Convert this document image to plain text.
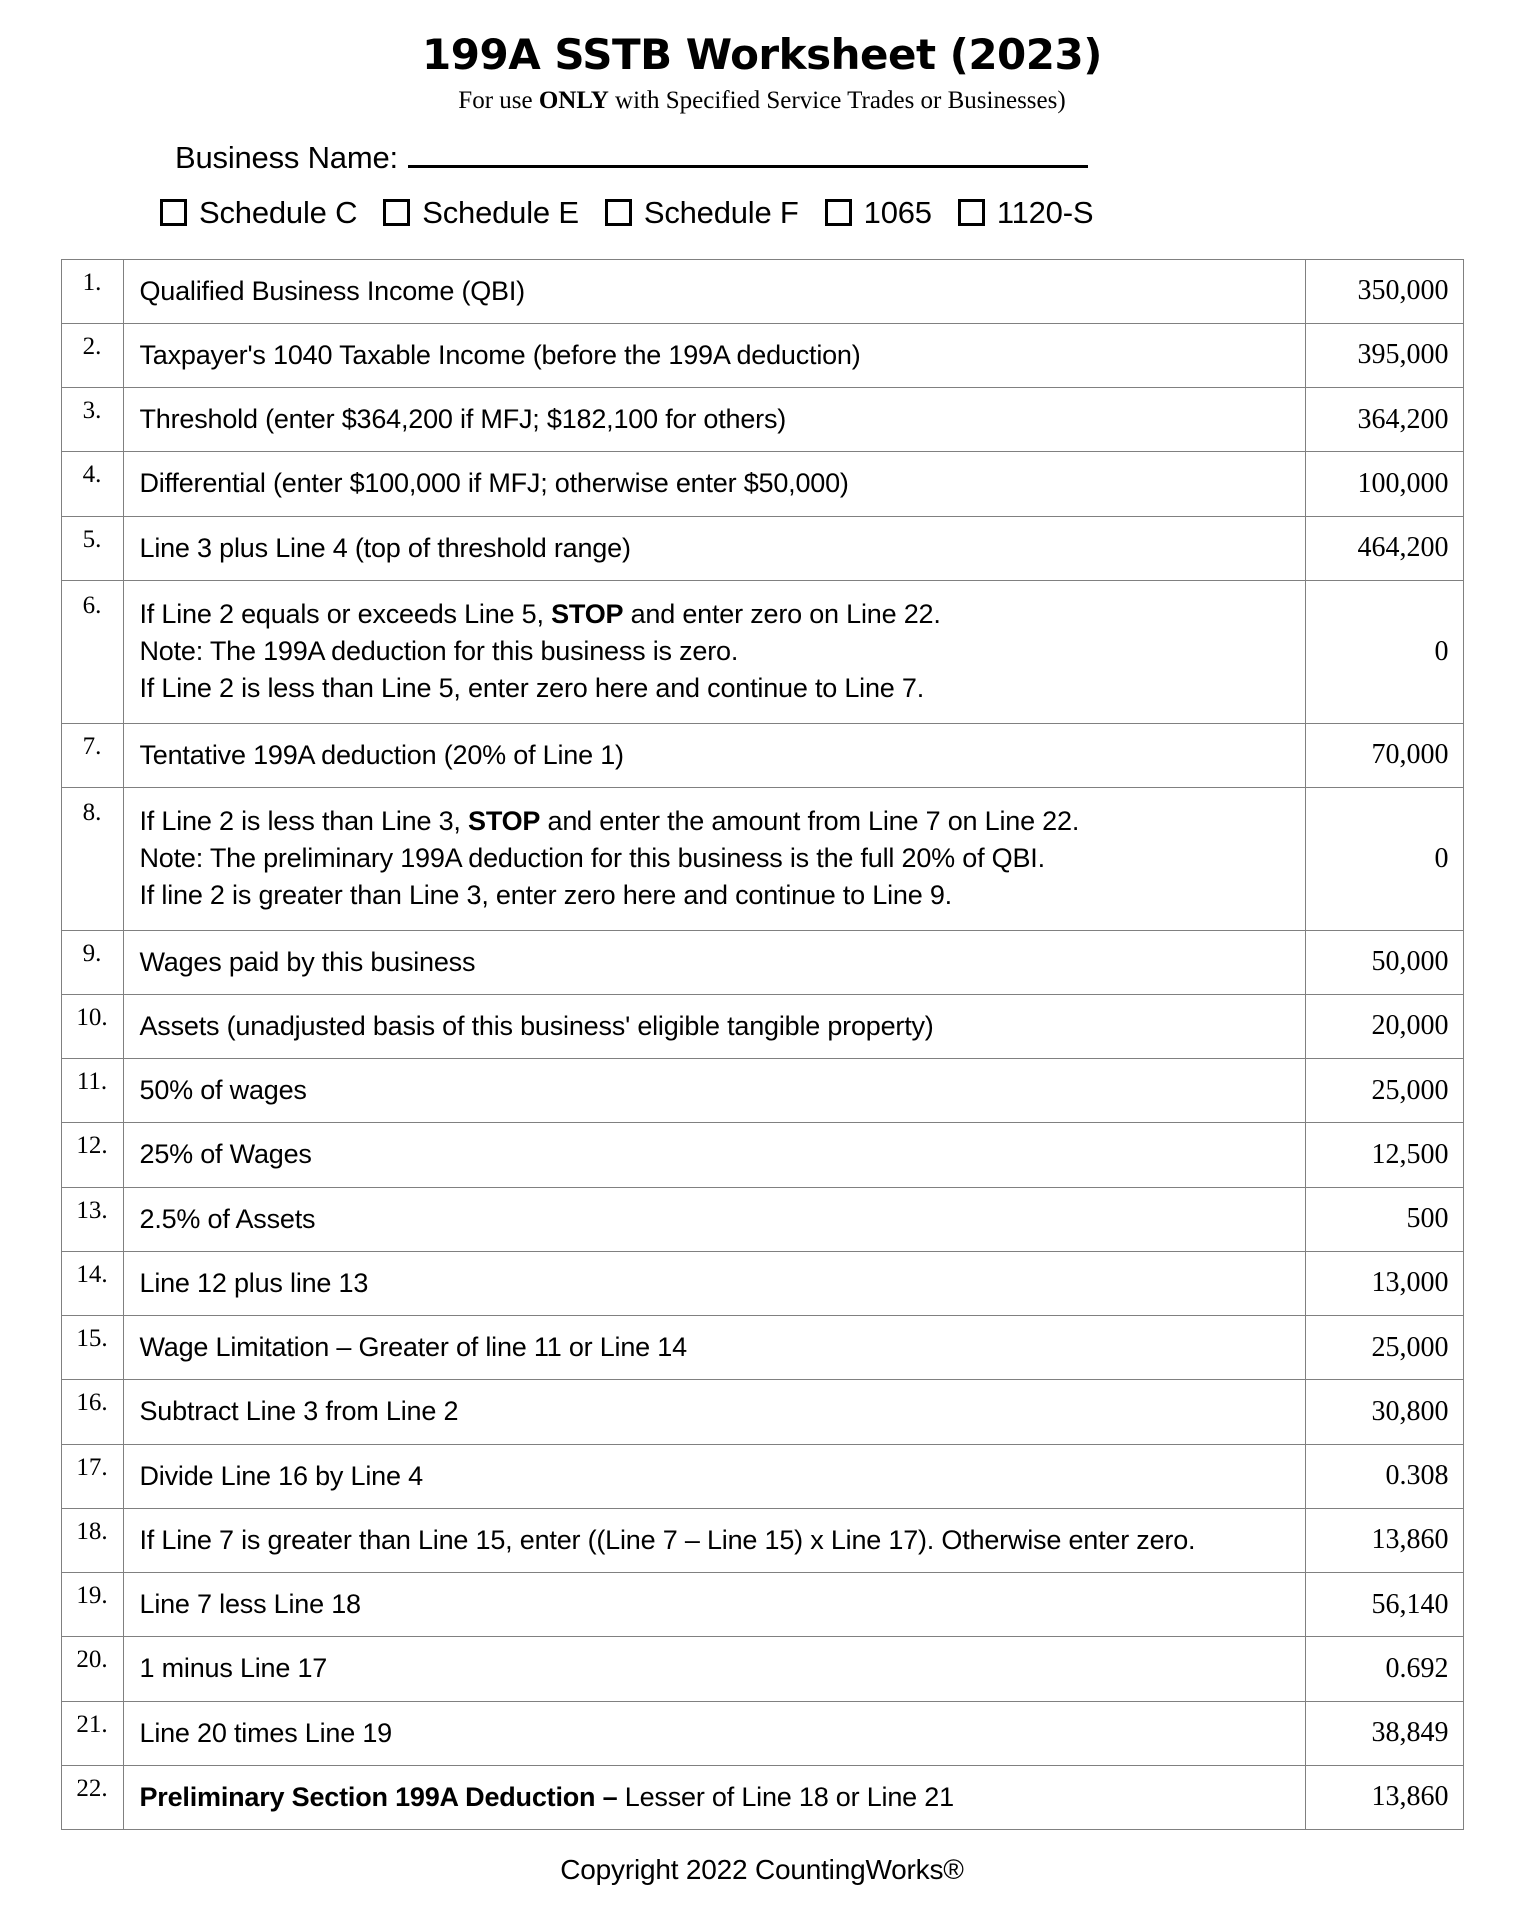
199A SSTB Worksheet (2023)

For use ONLY with Specified Service Trades or Businesses)

Business Name:
Schedule C Schedule E Schedule F 1065 1120-S
1.	Qualified Business Income (QBI)	350,000
2.	Taxpayer's 1040 Taxable Income (before the 199A deduction)	395,000
3.	Threshold (enter $364,200 if MFJ; $182,100 for others)	364,200
4.	Differential (enter $100,000 if MFJ; otherwise enter $50,000)	100,000
5.	Line 3 plus Line 4 (top of threshold range)	464,200
6.	If Line 2 equals or exceeds Line 5, STOP and enter zero on Line 22.
Note: The 199A deduction for this business is zero.
If Line 2 is less than Line 5, enter zero here and continue to Line 7.	0
7.	Tentative 199A deduction (20% of Line 1)	70,000
8.	If Line 2 is less than Line 3, STOP and enter the amount from Line 7 on Line 22.
Note: The preliminary 199A deduction for this business is the full 20% of QBI.
If line 2 is greater than Line 3, enter zero here and continue to Line 9.	0
9.	Wages paid by this business	50,000
10.	Assets (unadjusted basis of this business' eligible tangible property)	20,000
11.	50% of wages	25,000
12.	25% of Wages	12,500
13.	2.5% of Assets	500
14.	Line 12 plus line 13	13,000
15.	Wage Limitation – Greater of line 11 or Line 14	25,000
16.	Subtract Line 3 from Line 2	30,800
17.	Divide Line 16 by Line 4	0.308
18.	If Line 7 is greater than Line 15, enter ((Line 7 – Line 15) x Line 17). Otherwise enter zero.	13,860
19.	Line 7 less Line 18	56,140
20.	1 minus Line 17	0.692
21.	Line 20 times Line 19	38,849
22.	Preliminary Section 199A Deduction – Lesser of Line 18 or Line 21	13,860
Copyright 2022 CountingWorks®
